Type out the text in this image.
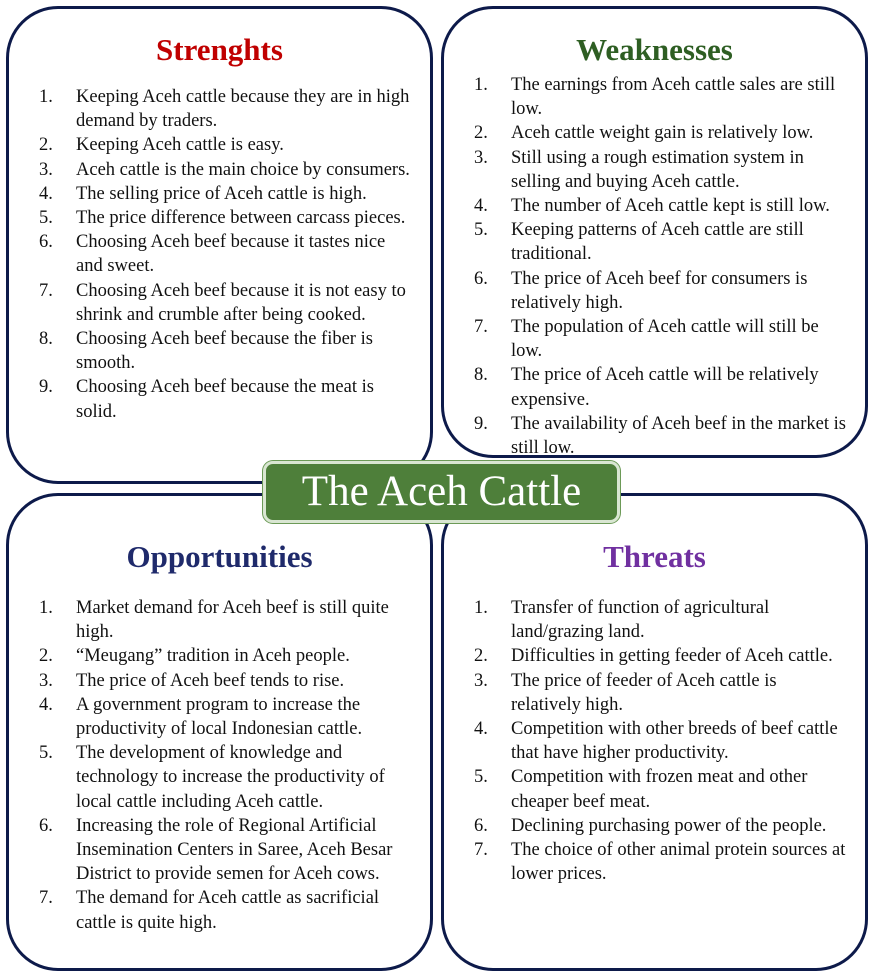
Strenghts
1. Keeping Aceh cattle because they are in high demand by traders.
2. Keeping Aceh cattle is easy.
3. Aceh cattle is the main choice by consumers.
4. The selling price of Aceh cattle is high.
5. The price difference between carcass pieces.
6. Choosing Aceh beef because it tastes nice and sweet.
7. Choosing Aceh beef because it is not easy to shrink and crumble after being cooked.
8. Choosing Aceh beef because the fiber is smooth.
9. Choosing Aceh beef because the meat is solid.
Weaknesses
1. The earnings from Aceh cattle sales are still low.
2. Aceh cattle weight gain is relatively low.
3. Still using a rough estimation system in selling and buying Aceh cattle.
4. The number of Aceh cattle kept is still low.
5. Keeping patterns of Aceh cattle are still traditional.
6. The price of Aceh beef for consumers is relatively high.
7. The population of Aceh cattle will still be low.
8. The price of Aceh cattle will be relatively expensive.
9. The availability of Aceh beef in the market is still low.
Opportunities
1. Market demand for Aceh beef is still quite high.
2. “Meugang” tradition in Aceh people.
3. The price of Aceh beef tends to rise.
4. A government program to increase the productivity of local Indonesian cattle.
5. The development of knowledge and technology to increase the productivity of local cattle including Aceh cattle.
6. Increasing the role of Regional Artificial Insemination Centers in Saree, Aceh Besar District to provide semen for Aceh cows.
7. The demand for Aceh cattle as sacrificial cattle is quite high.
Threats
1. Transfer of function of agricultural land/grazing land.
2. Difficulties in getting feeder of Aceh cattle.
3. The price of feeder of Aceh cattle is relatively high.
4. Competition with other breeds of beef cattle that have higher productivity.
5. Competition with frozen meat and other cheaper beef meat.
6. Declining purchasing power of the people.
7. The choice of other animal protein sources at lower prices.
The Aceh Cattle
